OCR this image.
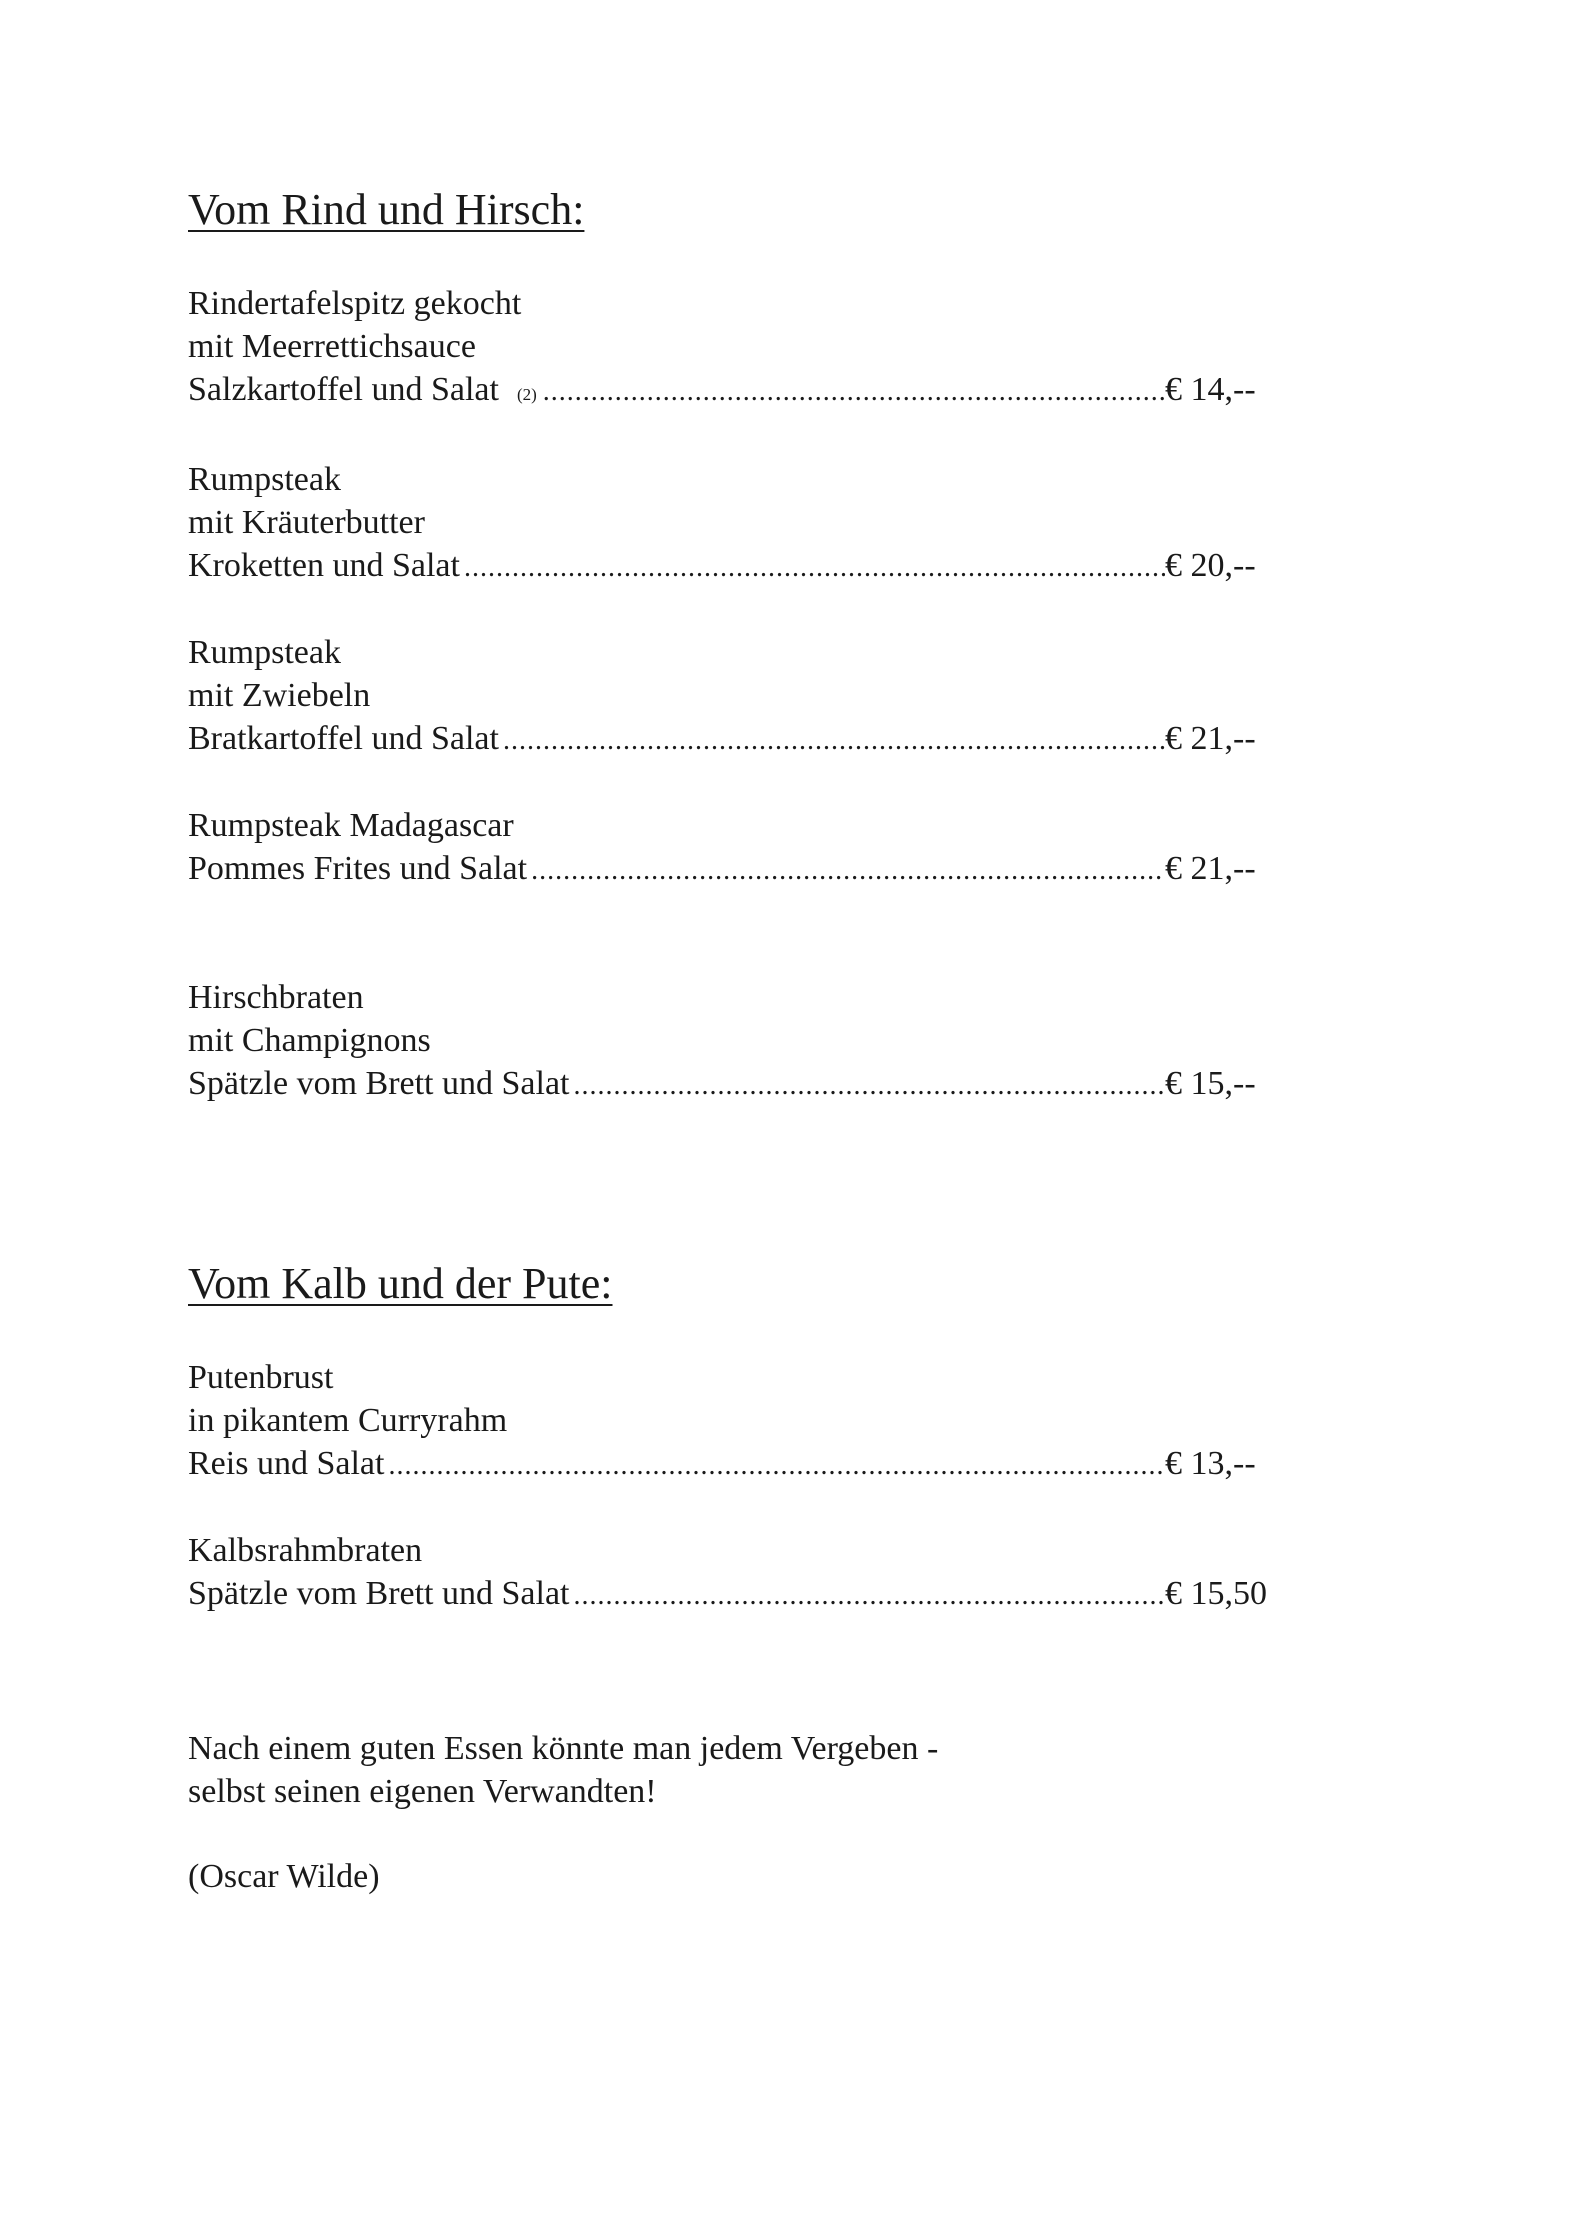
Vom Rind und Hirsch:
Rindertafelspitz gekocht
mit Meerrettichsauce
Salzkartoffel und Salat (2) .....	€ 14,--
Rumpsteak
mit Kräuterbutter
Kroketten und Salat .....	€ 20,--
Rumpsteak
mit Zwiebeln
Bratkartoffel und Salat .....	€ 21,--
Rumpsteak Madagascar
Pommes Frites und Salat .....	€ 21,--
Hirschbraten
mit Champignons
Spätzle vom Brett und Salat .....	€ 15,--
Vom Kalb und der Pute:
Putenbrust
in pikantem Curryrahm
Reis und Salat .....	€ 13,--
Kalbsrahmbraten
Spätzle vom Brett und Salat .....	€ 15,50
Nach einem guten Essen könnte man jedem Vergeben -
selbst seinen eigenen Verwandten!
(Oscar Wilde)
